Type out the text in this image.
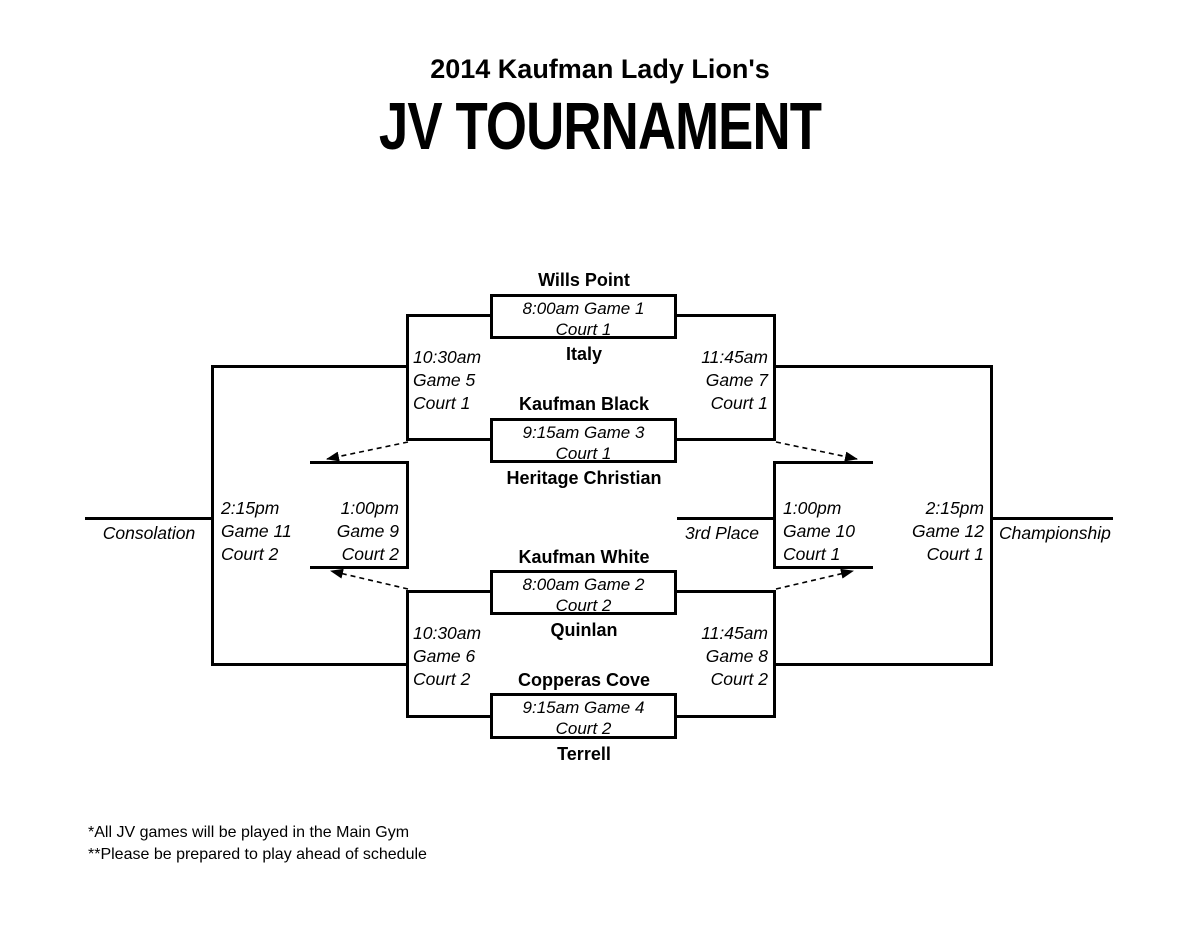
2014 Kaufman Lady Lion's
JV TOURNAMENT
Wills Point
8:00am Game 1
Court 1
Italy
Kaufman Black
9:15am Game 3
Court 1
Heritage Christian
Kaufman White
8:00am Game 2
Court 2
Quinlan
Copperas Cove
9:15am Game 4
Court 2
Terrell
10:30am
Game 5
Court 1
11:45am
Game 7
Court 1
10:30am
Game 6
Court 2
11:45am
Game 8
Court 2
2:15pm
Game 11
Court 2
1:00pm
Game 9
Court 2
1:00pm
Game 10
Court 1
2:15pm
Game 12
Court 1
Consolation	3rd Place	Championship
*All JV games will be played in the Main Gym
**Please be prepared to play ahead of schedule
